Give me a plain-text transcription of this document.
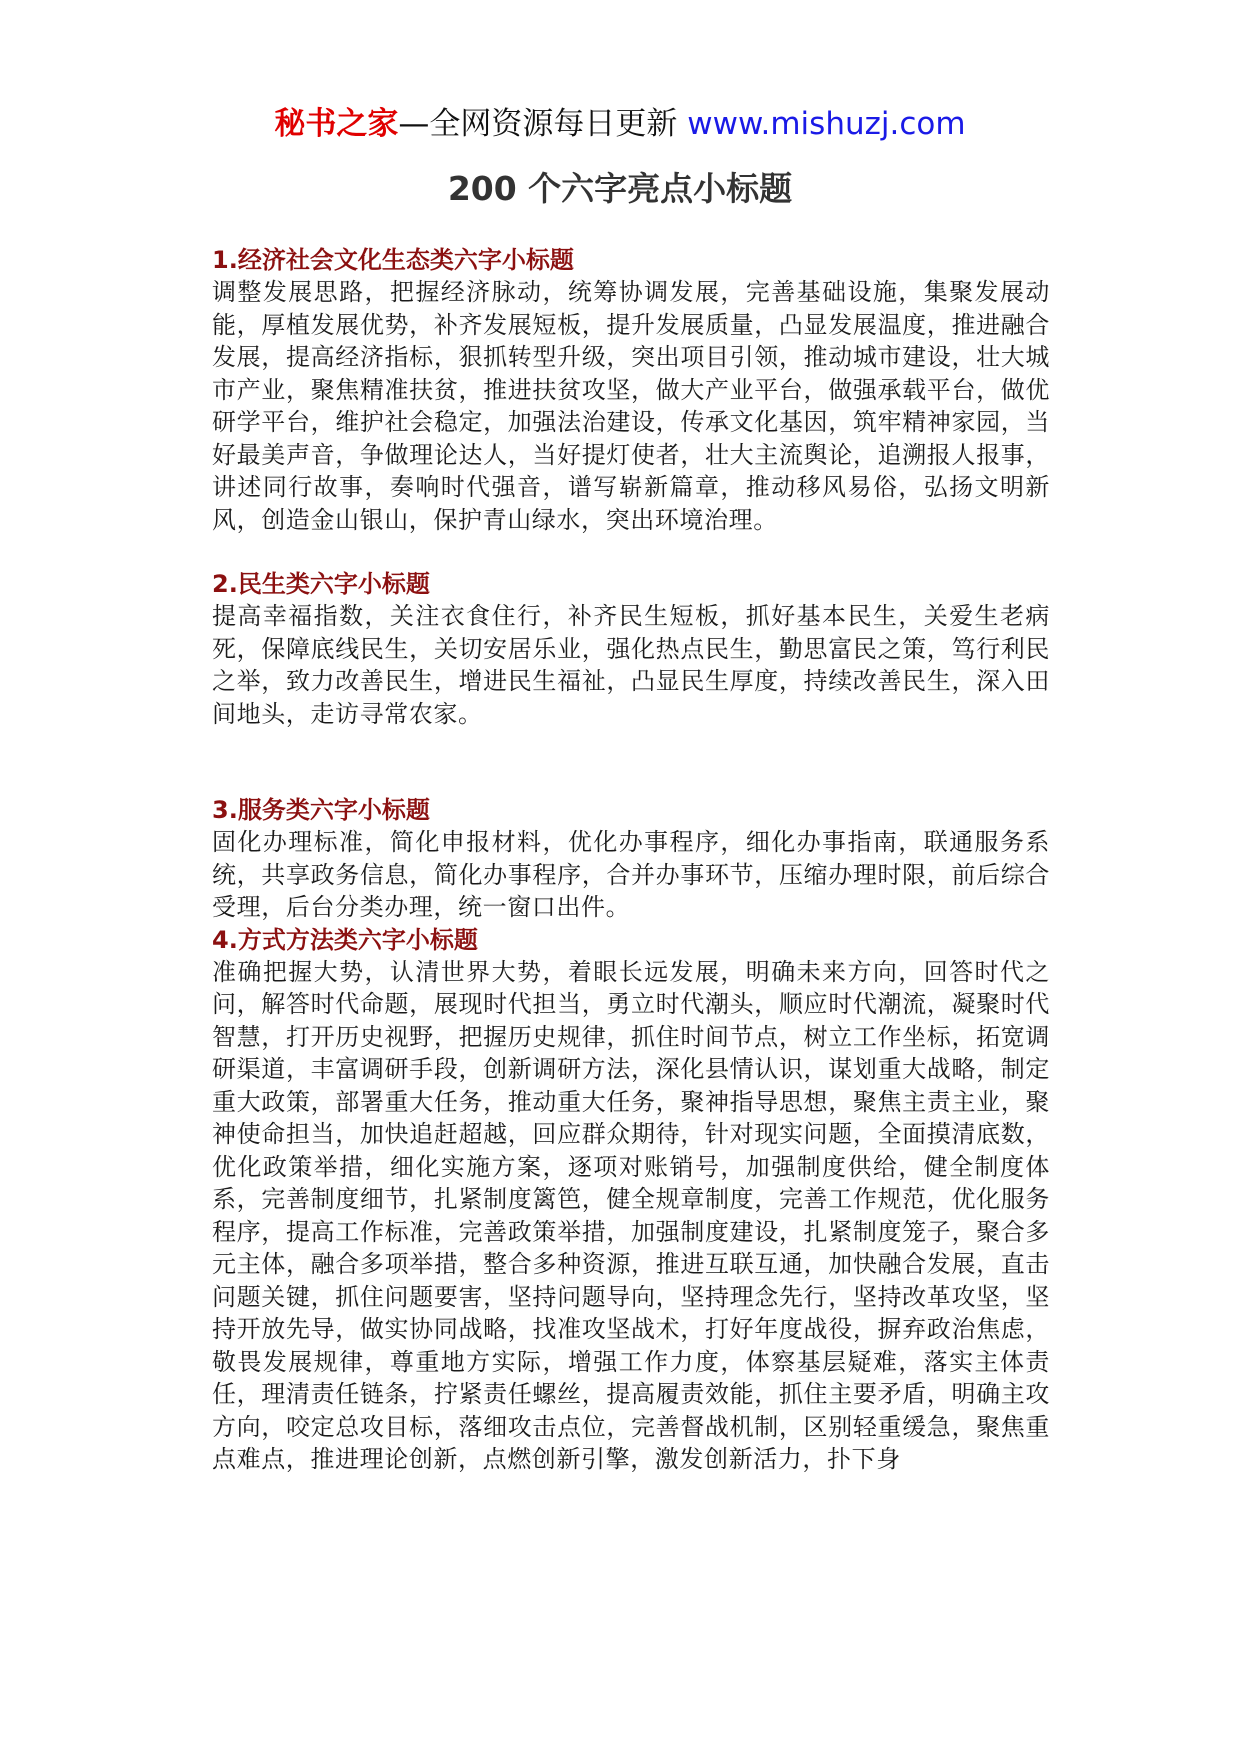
秘书之家—全网资源每日更新 www.mishuzj.com
200 个六字亮点小标题

1.经济社会文化生态类六字小标题

调整发展思路，把握经济脉动，统筹协调发展，完善基础设施，集聚发展动能，厚植发展优势，补齐发展短板，提升发展质量，凸显发展温度，推进融合发展，提高经济指标，狠抓转型升级，突出项目引领，推动城市建设，壮大城市产业，聚焦精准扶贫，推进扶贫攻坚，做大产业平台，做强承载平台，做优研学平台，维护社会稳定，加强法治建设，传承文化基因，筑牢精神家园，当好最美声音，争做理论达人，当好提灯使者，壮大主流舆论，追溯报人报事，讲述同行故事，奏响时代强音，谱写崭新篇章，推动移风易俗，弘扬文明新风，创造金山银山，保护青山绿水，突出环境治理。

2.民生类六字小标题

提高幸福指数，关注衣食住行，补齐民生短板，抓好基本民生，关爱生老病死，保障底线民生，关切安居乐业，强化热点民生，勤思富民之策，笃行利民之举，致力改善民生，增进民生福祉，凸显民生厚度，持续改善民生，深入田间地头，走访寻常农家。

3.服务类六字小标题

固化办理标准，简化申报材料，优化办事程序，细化办事指南，联通服务系统，共享政务信息，简化办事程序，合并办事环节，压缩办理时限，前后综合受理，后台分类办理，统一窗口出件。

4.方式方法类六字小标题

准确把握大势，认清世界大势，着眼长远发展，明确未来方向，回答时代之问，解答时代命题，展现时代担当，勇立时代潮头，顺应时代潮流，凝聚时代智慧，打开历史视野，把握历史规律，抓住时间节点，树立工作坐标，拓宽调研渠道，丰富调研手段，创新调研方法，深化县情认识，谋划重大战略，制定重大政策，部署重大任务，推动重大任务，聚神指导思想，聚焦主责主业，聚神使命担当，加快追赶超越，回应群众期待，针对现实问题，全面摸清底数，优化政策举措，细化实施方案，逐项对账销号，加强制度供给，健全制度体系，完善制度细节，扎紧制度篱笆，健全规章制度，完善工作规范，优化服务程序，提高工作标准，完善政策举措，加强制度建设，扎紧制度笼子，聚合多元主体，融合多项举措，整合多种资源，推进互联互通，加快融合发展，直击问题关键，抓住问题要害，坚持问题导向，坚持理念先行，坚持改革攻坚，坚持开放先导，做实协同战略，找准攻坚战术，打好年度战役，摒弃政治焦虑，敬畏发展规律，尊重地方实际，增强工作力度，体察基层疑难，落实主体责任，理清责任链条，拧紧责任螺丝，提高履责效能，抓住主要矛盾，明确主攻方向，咬定总攻目标，落细攻击点位，完善督战机制，区别轻重缓急，聚焦重点难点，推进理论创新，点燃创新引擎，激发创新活力，扑下身
